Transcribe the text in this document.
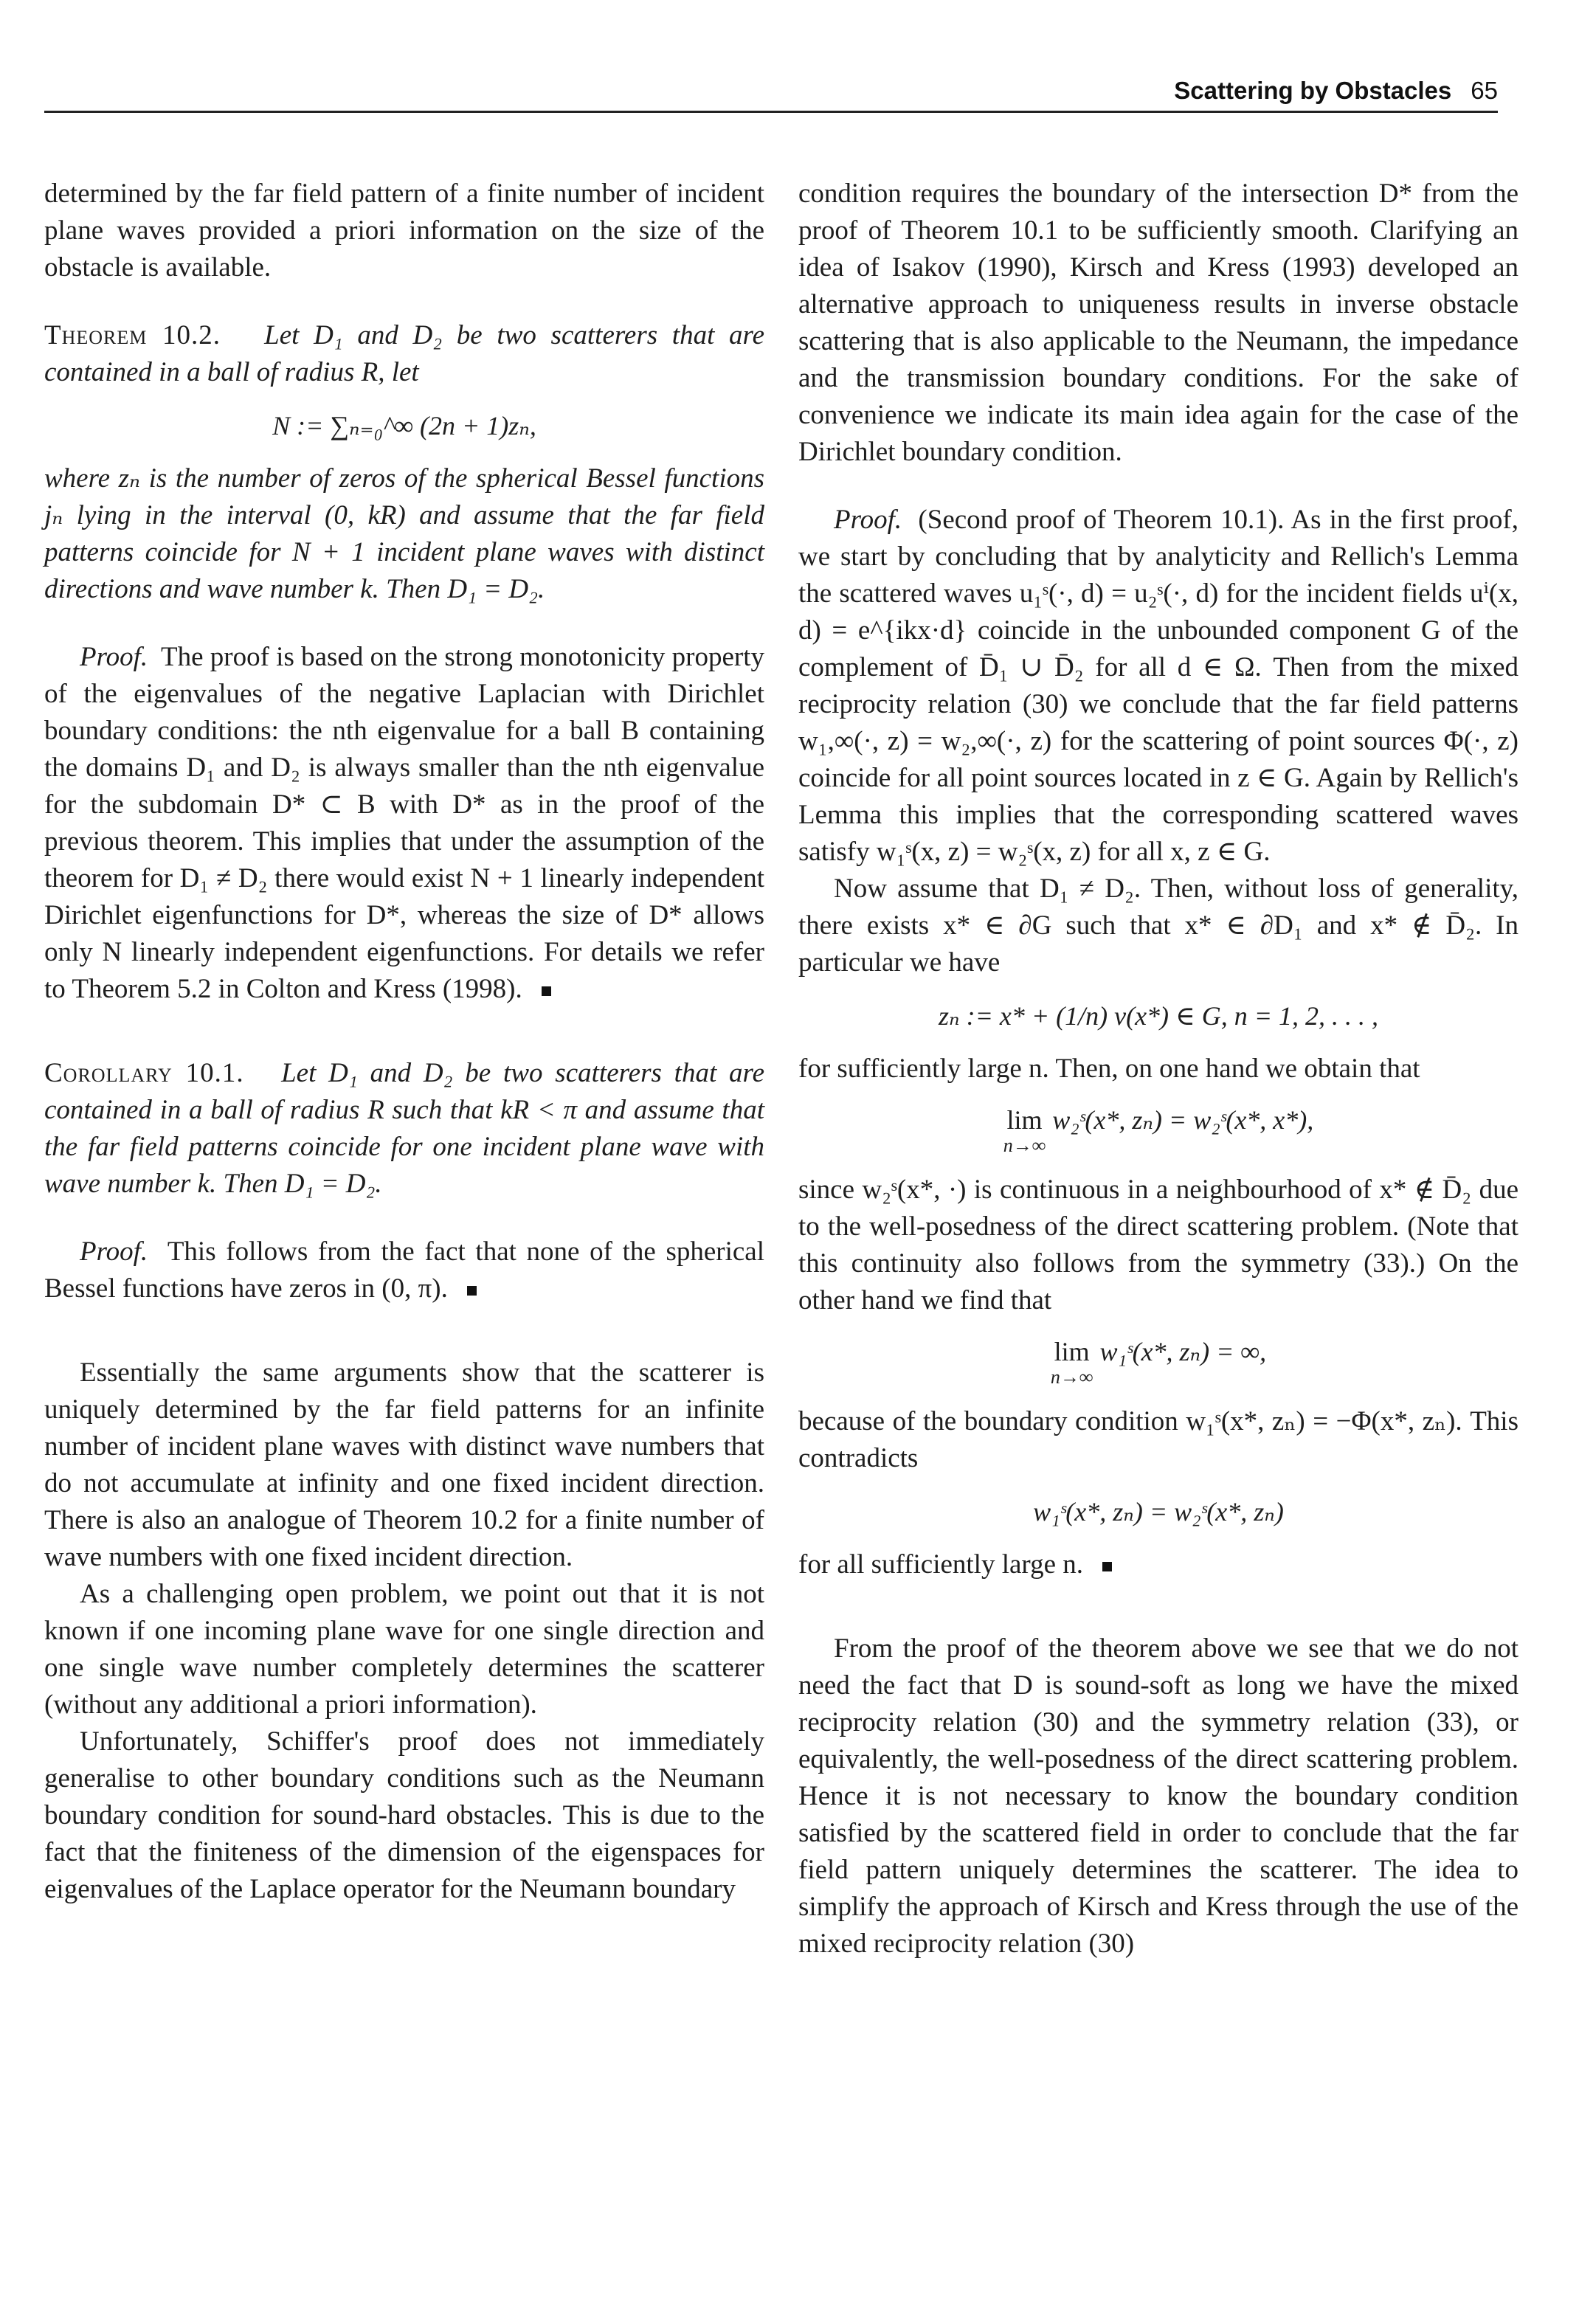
Scattering by Obstacles 65

determined by the far field pattern of a finite number of incident plane waves provided a priori information on the size of the obstacle is available.

Theorem 10.2. Let D₁ and D₂ be two scatterers that are contained in a ball of radius R, let

N := ∑ₙ₌₀^∞ (2n + 1)zₙ,

where zₙ is the number of zeros of the spherical Bessel functions jₙ lying in the interval (0, kR) and assume that the far field patterns coincide for N + 1 incident plane waves with distinct directions and wave number k. Then D₁ = D₂.

Proof. The proof is based on the strong monotonicity property of the eigenvalues of the negative Laplacian with Dirichlet boundary conditions: the nth eigenvalue for a ball B containing the domains D₁ and D₂ is always smaller than the nth eigenvalue for the subdomain D* ⊂ B with D* as in the proof of the previous theorem. This implies that under the assumption of the theorem for D₁ ≠ D₂ there would exist N + 1 linearly independent Dirichlet eigenfunctions for D*, whereas the size of D* allows only N linearly independent eigenfunctions. For details we refer to Theorem 5.2 in Colton and Kress (1998).

Corollary 10.1. Let D₁ and D₂ be two scatterers that are contained in a ball of radius R such that kR < π and assume that the far field patterns coincide for one incident plane wave with wave number k. Then D₁ = D₂.

Proof. This follows from the fact that none of the spherical Bessel functions have zeros in (0, π).

Essentially the same arguments show that the scatterer is uniquely determined by the far field patterns for an infinite number of incident plane waves with distinct wave numbers that do not accumulate at infinity and one fixed incident direction. There is also an analogue of Theorem 10.2 for a finite number of wave numbers with one fixed incident direction.

As a challenging open problem, we point out that it is not known if one incoming plane wave for one single direction and one single wave number completely determines the scatterer (without any additional a priori information).

Unfortunately, Schiffer's proof does not immediately generalise to other boundary conditions such as the Neumann boundary condition for sound-hard obstacles. This is due to the fact that the finiteness of the dimension of the eigenspaces for eigenvalues of the Laplace operator for the Neumann boundary

condition requires the boundary of the intersection D* from the proof of Theorem 10.1 to be sufficiently smooth. Clarifying an idea of Isakov (1990), Kirsch and Kress (1993) developed an alternative approach to uniqueness results in inverse obstacle scattering that is also applicable to the Neumann, the impedance and the transmission boundary conditions. For the sake of convenience we indicate its main idea again for the case of the Dirichlet boundary condition.

Proof. (Second proof of Theorem 10.1). As in the first proof, we start by concluding that by analyticity and Rellich's Lemma the scattered waves u₁ˢ(·, d) = u₂ˢ(·, d) for the incident fields uⁱ(x, d) = e^{ikx·d} coincide in the unbounded component G of the complement of D̄₁ ∪ D̄₂ for all d ∈ Ω. Then from the mixed reciprocity relation (30) we conclude that the far field patterns w₁,∞(·, z) = w₂,∞(·, z) for the scattering of point sources Φ(·, z) coincide for all point sources located in z ∈ G. Again by Rellich's Lemma this implies that the corresponding scattered waves satisfy w₁ˢ(x, z) = w₂ˢ(x, z) for all x, z ∈ G.

Now assume that D₁ ≠ D₂. Then, without loss of generality, there exists x* ∈ ∂G such that x* ∈ ∂D₁ and x* ∉ D̄₂. In particular we have

zₙ := x* + (1/n) ν(x*) ∈ G, n = 1, 2, . . . ,

for sufficiently large n. Then, on one hand we obtain that

lim
n→∞
w₂ˢ(x*, zₙ) = w₂ˢ(x*, x*),

since w₂ˢ(x*, ·) is continuous in a neighbourhood of x* ∉ D̄₂ due to the well-posedness of the direct scattering problem. (Note that this continuity also follows from the symmetry (33).) On the other hand we find that

lim
n→∞
w₁ˢ(x*, zₙ) = ∞,

because of the boundary condition w₁ˢ(x*, zₙ) = −Φ(x*, zₙ). This contradicts

w₁ˢ(x*, zₙ) = w₂ˢ(x*, zₙ)

for all sufficiently large n.

From the proof of the theorem above we see that we do not need the fact that D is sound-soft as long we have the mixed reciprocity relation (30) and the symmetry relation (33), or equivalently, the well-posedness of the direct scattering problem. Hence it is not necessary to know the boundary condition satisfied by the scattered field in order to conclude that the far field pattern uniquely determines the scatterer. The idea to simplify the approach of Kirsch and Kress through the use of the mixed reciprocity relation (30)
